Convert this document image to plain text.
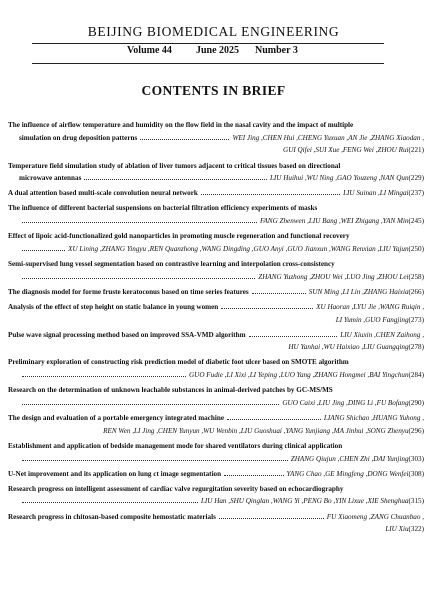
BEIJING BIOMEDICAL ENGINEERING
Volume 44 June 2025 Number 3
CONTENTS IN BRIEF
The influence of airflow temperature and humidity on the flow field in the nasal cavity and the impact of multiple
simulation on drug deposition patterns	WEI Jing ,CHEN Hui ,CHENG Yuxuan ,AN Jie ,ZHANG Xiaodan ,
GUI Qifei ,SUI Xue ,FENG Wei ,ZHOU Rui(221)
Temperature field simulation study of ablation of liver tumors adjacent to critical tissues based on directional
microwave antennas	LIU Huihui ,WU Ning ,GAO Youzeng ,NAN Qun (229)
A dual attention based multi-scale convolution neural network	LIU Suinan ,LI Mingai (237)
The influence of different bacterial suspensions on bacterial filtration efficiency experiments of masks
FANG Zhenwen ,LIU Bang ,WEI Zhigang ,YAN Min (245)
Effect of lipoic acid-functionalized gold nanoparticles in promoting muscle regeneration and functional recovery
XU Lining ,ZHANG Yingyu ,REN Quanzhong ,WANG Dingding ,GUO Anyi ,GUO Jianxun ,WANG Renxian ,LIU Yajun (250)
Semi-supervised lung vessel segmentation based on contrastive learning and interpolation cross-consistency
ZHANG Yuzhong ,ZHOU Wei ,LUO Jing ,ZHOU Lei (258)
The diagnosis model for forme fruste keratoconus based on time series features	SUN Ming ,LI Lin ,ZHANG Haixia (266)
Analysis of the effect of step height on static balance in young women	XU Haoran ,LYU Jie ,WANG Ruiqin ,
LI Yumin ,GUO Fangjing(273)
Pulse wave signal processing method based on improved SSA-VMD algorithm	LIU Xiuxin ,CHEN Zaihong ,
HU Yanhai ,WU Haixiao ,LIU Guangqing(278)
Preliminary exploration of constructing risk prediction model of diabetic foot ulcer based on SMOTE algorithm
GUO Fudie ,LI Xixi ,LI Yeping ,LUO Yang ,ZHANG Hongmei ,BAI Yingchun (284)
Research on the determination of unknown leachable substances in animal-derived patches by GC-MS/MS
GUO Caixi ,LIU Jing ,DING Li ,FU Bofang (290)
The design and evaluation of a portable emergency integrated machine	LIANG Shichao ,HUANG Yuhong ,
REN Wen ,LI Jing ,CHEN Yunyun ,WU Wenbin ,LIU Guoshuai ,YANG Yunjiang ,MA Jinhui ,SONG Zhenyu(296)
Establishment and application of bedside management mode for shared ventilators during clinical application
ZHANG Qiujun ,CHEN Zhi ,DAI Yunjing (303)
U-Net improvement and its application on lung ct image segmentation	YANG Chao ,GE Mingfeng ,DONG Wenfei (308)
Research progress on intelligent assessment of cardiac valve regurgitation severity based on echocardiography
LIU Han ,SHU Qinglan ,WANG Yi ,PENG Bo ,YIN Lixue ,XIE Shenghua (315)
Research progress in chitosan-based composite hemostatic materials	FU Xiaomeng ,ZANG Chuanbao ,
LIU Xiu(322)
